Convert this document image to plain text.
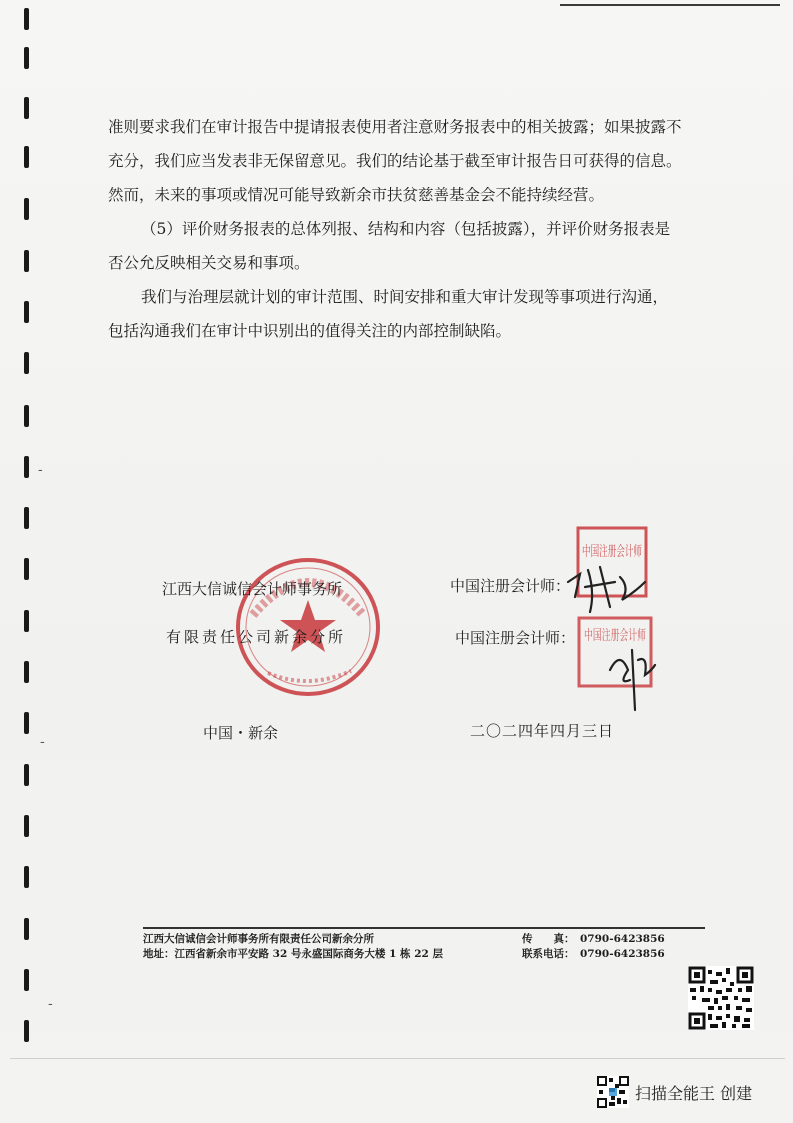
-
-
-

准则要求我们在审计报告中提请报表使用者注意财务报表中的相关披露；如果披露不充分，我们应当发表非无保留意见。我们的结论基于截至审计报告日可获得的信息。然而，未来的事项或情况可能导致新余市扶贫慈善基金会不能持续经营。

（5）评价财务报表的总体列报、结构和内容（包括披露），并评价财务报表是否公允反映相关交易和事项。

我们与治理层就计划的审计范围、时间安排和重大审计发现等事项进行沟通，包括沟通我们在审计中识别出的值得关注的内部控制缺陷。

江西大信诚信会计师事务所
有限责任公司新余分所
中国注册会计师：
中国注册会计师：
中国注册会计师
中国注册会计师
中国・新余	二〇二四年四月三日
江西大信诚信会计师事务所有限责任公司新余分所
地址：江西省新余市平安路 32 号永盛国际商务大楼 1 栋 22 层
传　　真： 0790-6423856
联系电话： 0790-6423856
扫描全能王 创建
